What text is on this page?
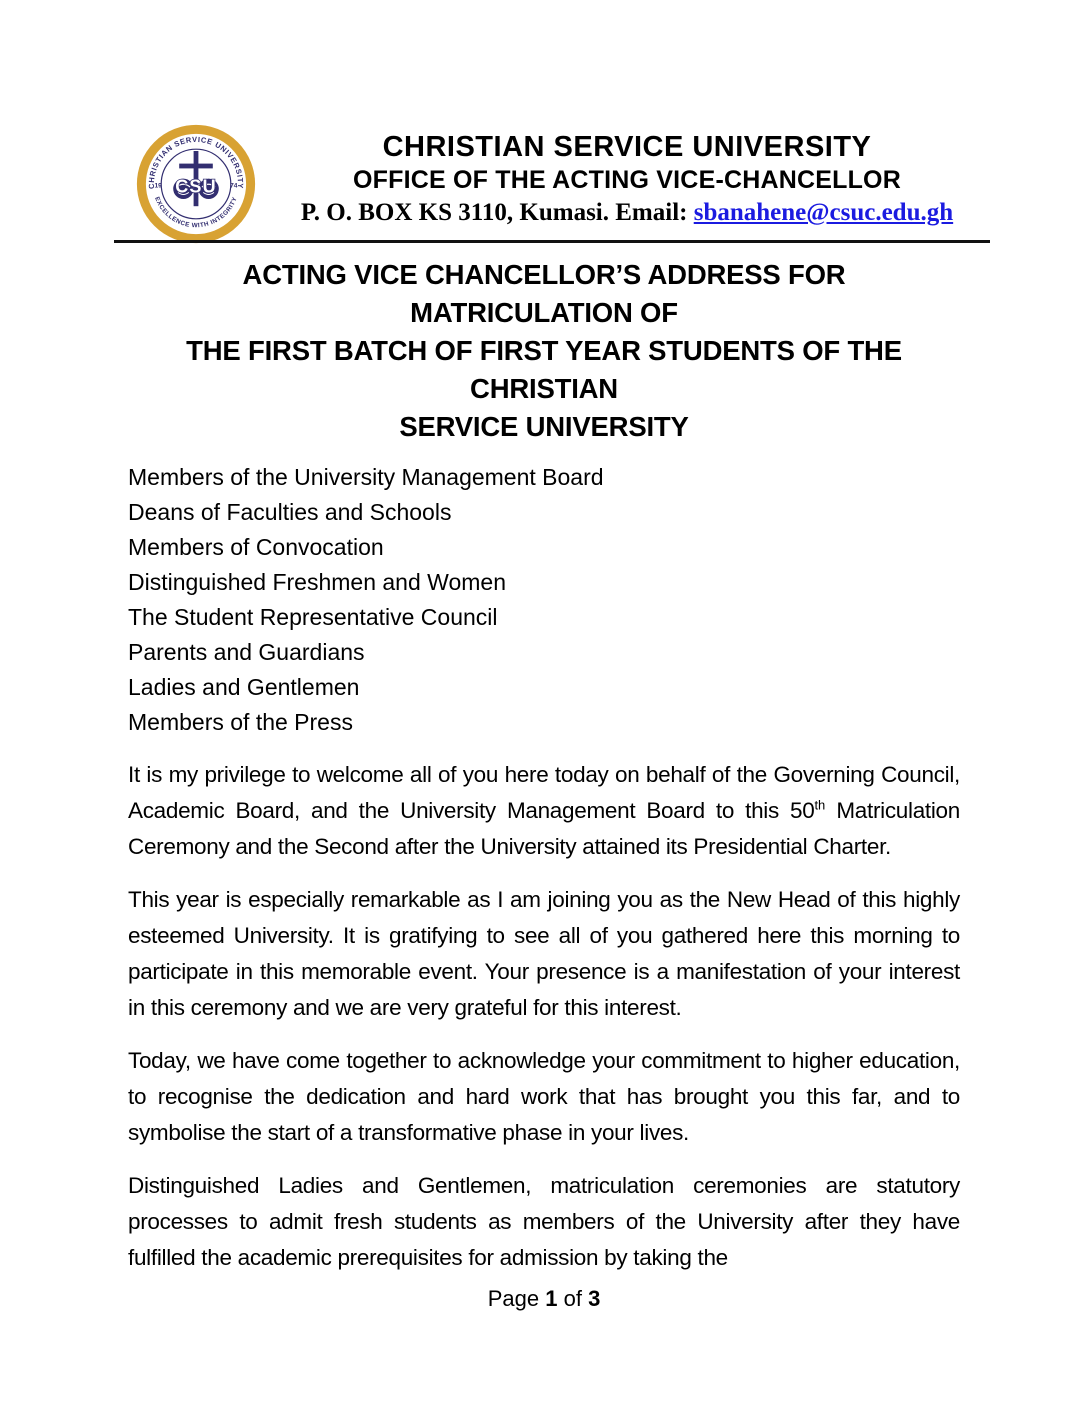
CHRISTIAN SERVICE UNIVERSITY
EXCELLENCE WITH INTEGRITY
19	74
CSU
CHRISTIAN SERVICE UNIVERSITY
OFFICE OF THE ACTING VICE-CHANCELLOR
P. O. BOX KS 3110, Kumasi. Email: sbanahene@csuc.edu.gh
ACTING VICE CHANCELLOR’S ADDRESS FOR MATRICULATION OF
THE FIRST BATCH OF FIRST YEAR STUDENTS OF THE CHRISTIAN
SERVICE UNIVERSITY
Members of the University Management Board
Deans of Faculties and Schools
Members of Convocation
Distinguished Freshmen and Women
The Student Representative Council
Parents and Guardians
Ladies and Gentlemen
Members of the Press

It is my privilege to welcome all of you here today on behalf of the Governing Council, Academic Board, and the University Management Board to this 50th Matriculation Ceremony and the Second after the University attained its Presidential Charter.

This year is especially remarkable as I am joining you as the New Head of this highly esteemed University. It is gratifying to see all of you gathered here this morning to participate in this memorable event. Your presence is a manifestation of your interest in this ceremony and we are very grateful for this interest.

Today, we have come together to acknowledge your commitment to higher education, to recognise the dedication and hard work that has brought you this far, and to symbolise the start of a transformative phase in your lives.

Distinguished Ladies and Gentlemen, matriculation ceremonies are statutory processes to admit fresh students as members of the University after they have fulfilled the academic prerequisites for admission by taking the

Page 1 of 3
